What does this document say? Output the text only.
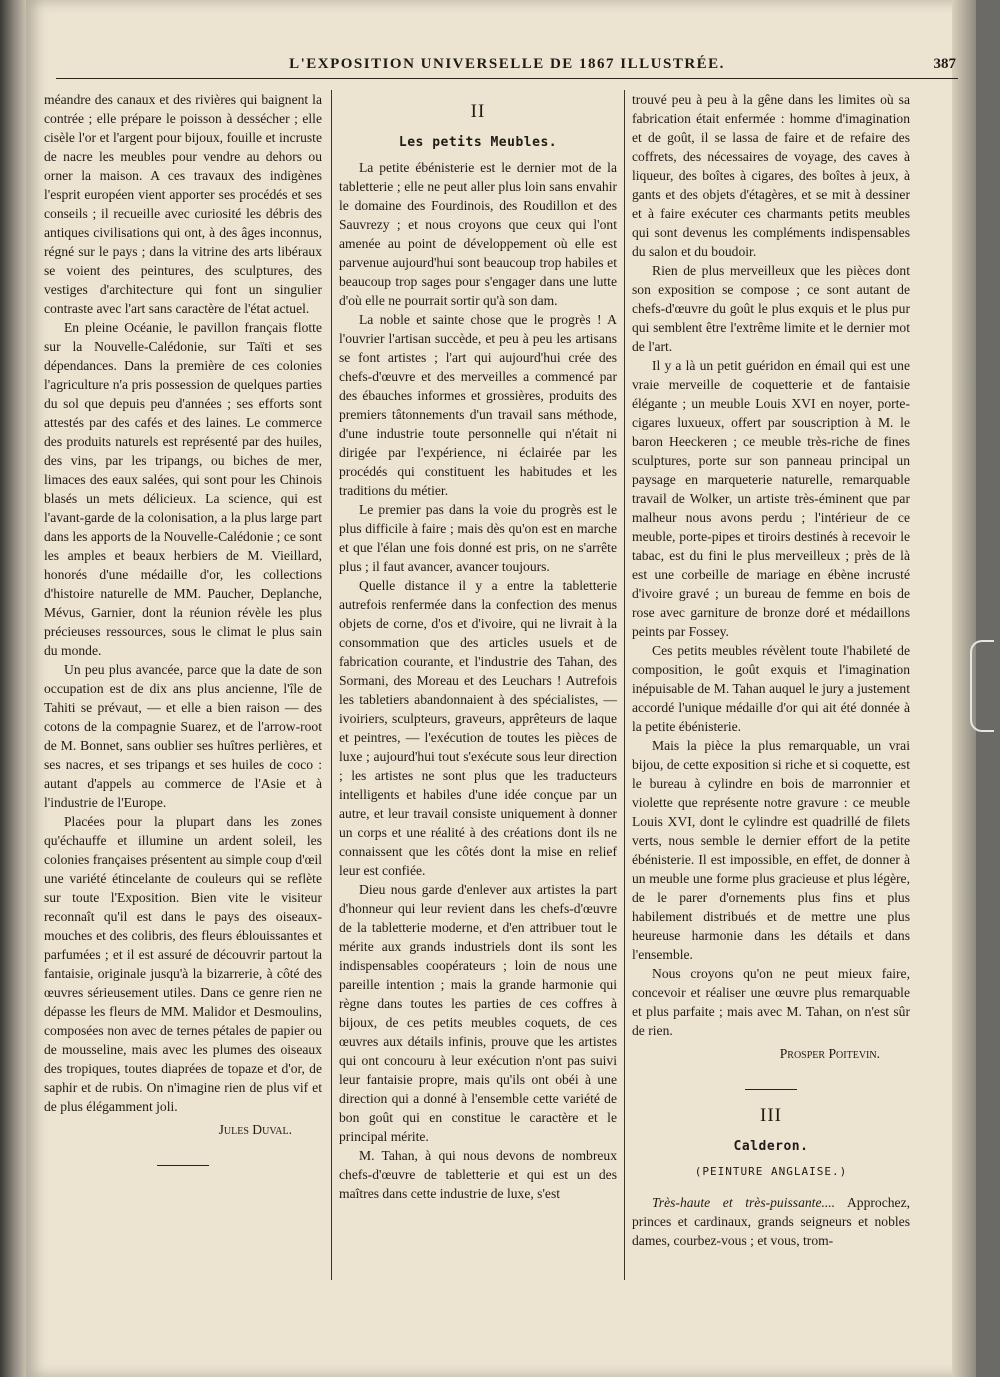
L'EXPOSITION UNIVERSELLE DE 1867 ILLUSTRÉE.	387

méandre des canaux et des rivières qui baignent la contrée ; elle prépare le poisson à dessécher ; elle cisèle l'or et l'argent pour bijoux, fouille et incruste de nacre les meubles pour vendre au dehors ou orner la maison. A ces travaux des indigènes l'esprit européen vient apporter ses procédés et ses conseils ; il recueille avec curiosité les débris des antiques civilisations qui ont, à des âges inconnus, régné sur le pays ; dans la vitrine des arts libéraux se voient des peintures, des sculptures, des vestiges d'architecture qui font un singulier contraste avec l'art sans caractère de l'état actuel.

En pleine Océanie, le pavillon français flotte sur la Nouvelle-Calédonie, sur Taïti et ses dépendances. Dans la première de ces colonies l'agriculture n'a pris possession de quelques parties du sol que depuis peu d'années ; ses efforts sont attestés par des cafés et des laines. Le commerce des produits naturels est représenté par des huiles, des vins, par les tripangs, ou biches de mer, limaces des eaux salées, qui sont pour les Chinois blasés un mets délicieux. La science, qui est l'avant-garde de la colonisation, a la plus large part dans les apports de la Nouvelle-Calédonie ; ce sont les amples et beaux herbiers de M. Vieillard, honorés d'une médaille d'or, les collections d'histoire naturelle de MM. Paucher, Deplanche, Mévus, Garnier, dont la réunion révèle les plus précieuses ressources, sous le climat le plus sain du monde.

Un peu plus avancée, parce que la date de son occupation est de dix ans plus ancienne, l'île de Tahiti se prévaut, — et elle a bien raison — des cotons de la compagnie Suarez, et de l'arrow-root de M. Bonnet, sans oublier ses huîtres perlières, et ses nacres, et ses tripangs et ses huiles de coco : autant d'appels au commerce de l'Asie et à l'industrie de l'Europe.

Placées pour la plupart dans les zones qu'échauffe et illumine un ardent soleil, les colonies françaises présentent au simple coup d'œil une variété étincelante de couleurs qui se reflète sur toute l'Exposition. Bien vite le visiteur reconnaît qu'il est dans le pays des oiseaux-mouches et des colibris, des fleurs éblouissantes et parfumées ; et il est assuré de découvrir partout la fantaisie, originale jusqu'à la bizarrerie, à côté des œuvres sérieusement utiles. Dans ce genre rien ne dépasse les fleurs de MM. Malidor et Desmoulins, composées non avec de ternes pétales de papier ou de mousseline, mais avec les plumes des oiseaux des tropiques, toutes diaprées de topaze et d'or, de saphir et de rubis. On n'imagine rien de plus vif et de plus élégamment joli.

Jules Duval.

II
Les petits Meubles.

La petite ébénisterie est le dernier mot de la tabletterie ; elle ne peut aller plus loin sans envahir le domaine des Fourdinois, des Roudillon et des Sauvrezy ; et nous croyons que ceux qui l'ont amenée au point de développement où elle est parvenue aujourd'hui sont beaucoup trop habiles et beaucoup trop sages pour s'engager dans une lutte d'où elle ne pourrait sortir qu'à son dam.

La noble et sainte chose que le progrès ! A l'ouvrier l'artisan succède, et peu à peu les artisans se font artistes ; l'art qui aujourd'hui crée des chefs-d'œuvre et des merveilles a commencé par des ébauches informes et grossières, produits des premiers tâtonnements d'un travail sans méthode, d'une industrie toute personnelle qui n'était ni dirigée par l'expérience, ni éclairée par les procédés qui constituent les habitudes et les traditions du métier.

Le premier pas dans la voie du progrès est le plus difficile à faire ; mais dès qu'on est en marche et que l'élan une fois donné est pris, on ne s'arrête plus ; il faut avancer, avancer toujours.

Quelle distance il y a entre la tabletterie autrefois renfermée dans la confection des menus objets de corne, d'os et d'ivoire, qui ne livrait à la consommation que des articles usuels et de fabrication courante, et l'industrie des Tahan, des Sormani, des Moreau et des Leuchars ! Autrefois les tabletiers abandonnaient à des spécialistes, — ivoiriers, sculpteurs, graveurs, apprêteurs de laque et peintres, — l'exécution de toutes les pièces de luxe ; aujourd'hui tout s'exécute sous leur direction ; les artistes ne sont plus que les traducteurs intelligents et habiles d'une idée conçue par un autre, et leur travail consiste uniquement à donner un corps et une réalité à des créations dont ils ne connaissent que les côtés dont la mise en relief leur est confiée.

Dieu nous garde d'enlever aux artistes la part d'honneur qui leur revient dans les chefs-d'œuvre de la tabletterie moderne, et d'en attribuer tout le mérite aux grands industriels dont ils sont les indispensables coopérateurs ; loin de nous une pareille intention ; mais la grande harmonie qui règne dans toutes les parties de ces coffres à bijoux, de ces petits meubles coquets, de ces œuvres aux détails infinis, prouve que les artistes qui ont concouru à leur exécution n'ont pas suivi leur fantaisie propre, mais qu'ils ont obéi à une direction qui a donné à l'ensemble cette variété de bon goût qui en constitue le caractère et le principal mérite.

M. Tahan, à qui nous devons de nombreux chefs-d'œuvre de tabletterie et qui est un des maîtres dans cette industrie de luxe, s'est

trouvé peu à peu à la gêne dans les limites où sa fabrication était enfermée : homme d'imagination et de goût, il se lassa de faire et de refaire des coffrets, des nécessaires de voyage, des caves à liqueur, des boîtes à cigares, des boîtes à jeux, à gants et des objets d'étagères, et se mit à dessiner et à faire exécuter ces charmants petits meubles qui sont devenus les compléments indispensables du salon et du boudoir.

Rien de plus merveilleux que les pièces dont son exposition se compose ; ce sont autant de chefs-d'œuvre du goût le plus exquis et le plus pur qui semblent être l'extrême limite et le dernier mot de l'art.

Il y a là un petit guéridon en émail qui est une vraie merveille de coquetterie et de fantaisie élégante ; un meuble Louis XVI en noyer, porte-cigares luxueux, offert par souscription à M. le baron Heeckeren ; ce meuble très-riche de fines sculptures, porte sur son panneau principal un paysage en marqueterie naturelle, remarquable travail de Wolker, un artiste très-éminent que par malheur nous avons perdu ; l'intérieur de ce meuble, porte-pipes et tiroirs destinés à recevoir le tabac, est du fini le plus merveilleux ; près de là est une corbeille de mariage en ébène incrusté d'ivoire gravé ; un bureau de femme en bois de rose avec garniture de bronze doré et médaillons peints par Fossey.

Ces petits meubles révèlent toute l'habileté de composition, le goût exquis et l'imagination inépuisable de M. Tahan auquel le jury a justement accordé l'unique médaille d'or qui ait été donnée à la petite ébénisterie.

Mais la pièce la plus remarquable, un vrai bijou, de cette exposition si riche et si coquette, est le bureau à cylindre en bois de marronnier et violette que représente notre gravure : ce meuble Louis XVI, dont le cylindre est quadrillé de filets verts, nous semble le dernier effort de la petite ébénisterie. Il est impossible, en effet, de donner à un meuble une forme plus gracieuse et plus légère, de le parer d'ornements plus fins et plus habilement distribués et de mettre une plus heureuse harmonie dans les détails et dans l'ensemble.

Nous croyons qu'on ne peut mieux faire, concevoir et réaliser une œuvre plus remarquable et plus parfaite ; mais avec M. Tahan, on n'est sûr de rien.

Prosper Poitevin.

III
Calderon.
(PEINTURE ANGLAISE.)

Très-haute et très-puissante.... Approchez, princes et cardinaux, grands seigneurs et nobles dames, courbez-vous ; et vous, trom-
